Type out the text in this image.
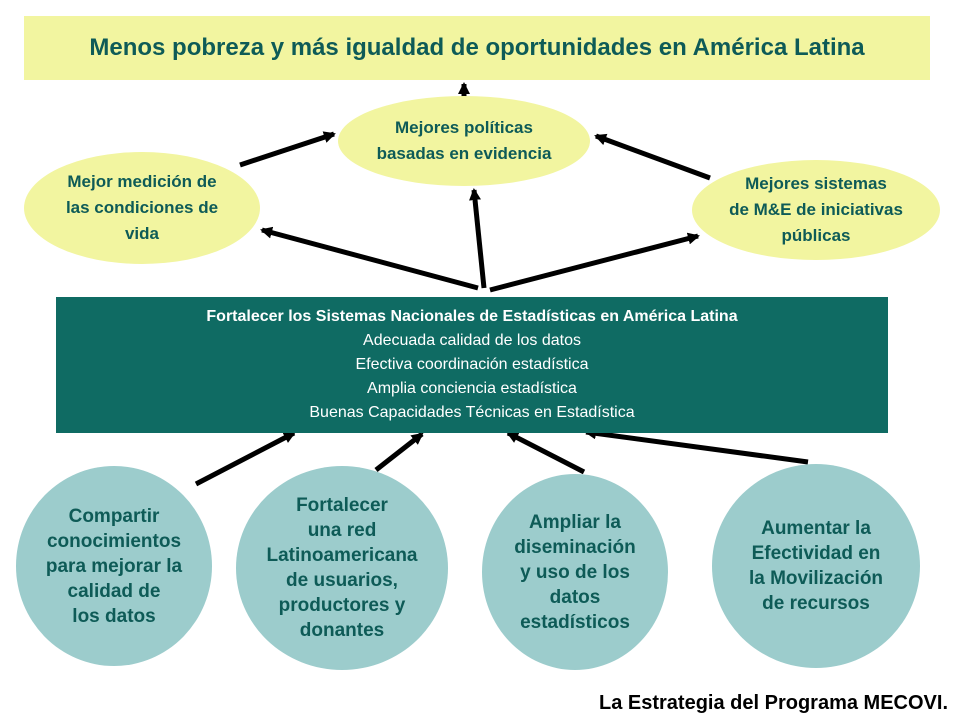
Menos pobreza y más igualdad de oportunidades en América Latina
Mejores políticas
basadas en evidencia
Mejor medición de
las condiciones de
vida
Mejores sistemas
de M&E de iniciativas
públicas
Fortalecer los Sistemas Nacionales de Estadísticas en América Latina
Adecuada calidad de los datos
Efectiva coordinación estadística
Amplia conciencia estadística
Buenas Capacidades Técnicas en Estadística
Compartir
conocimientos
para mejorar la
calidad de
los datos
Fortalecer
una red
Latinoamericana
de usuarios,
productores y
donantes
Ampliar la
diseminación
y uso de los
datos
estadísticos
Aumentar la
Efectividad en
la Movilización
de recursos
La Estrategia del Programa MECOVI.
